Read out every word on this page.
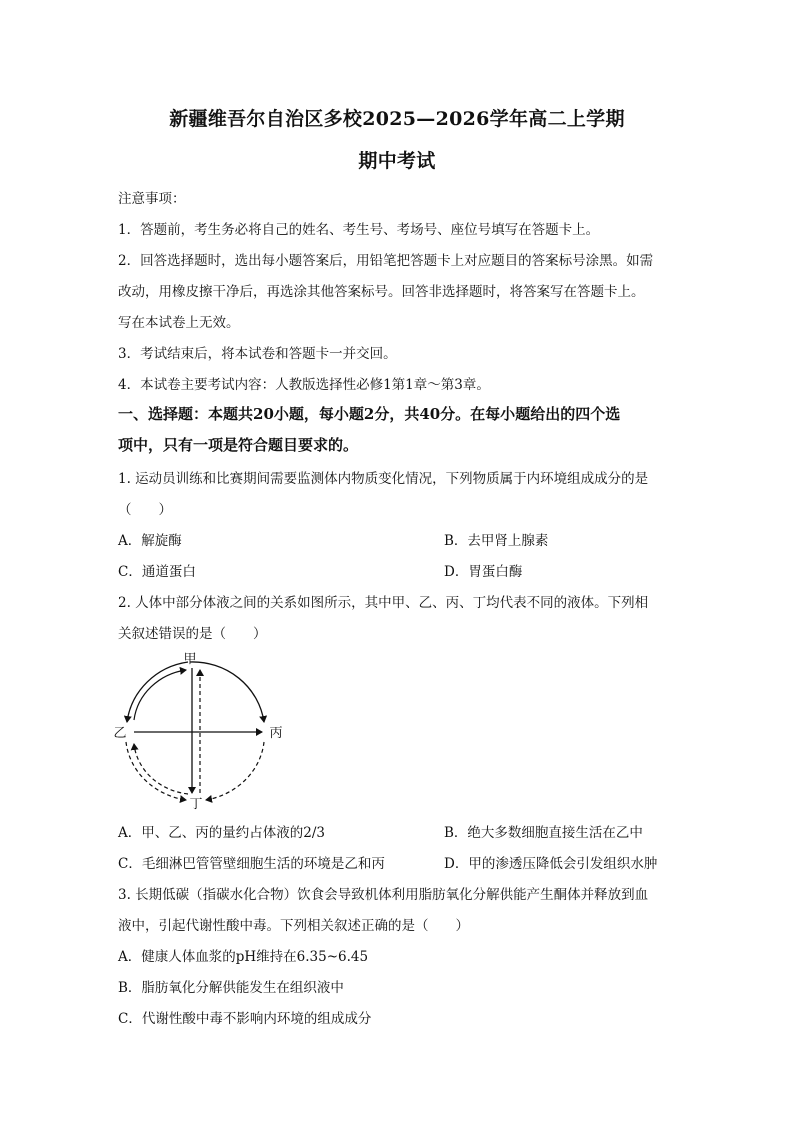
新疆维吾尔自治区多校2025—2026学年高二上学期
期中考试
注意事项：
1．答题前，考生务必将自己的姓名、考生号、考场号、座位号填写在答题卡上。
2．回答选择题时，选出每小题答案后，用铅笔把答题卡上对应题目的答案标号涂黑。如需
改动，用橡皮擦干净后，再选涂其他答案标号。回答非选择题时，将答案写在答题卡上。
写在本试卷上无效。
3．考试结束后，将本试卷和答题卡一并交回。
4．本试卷主要考试内容：人教版选择性必修1第1章～第3章。
一、选择题：本题共20小题，每小题2分，共40分。在每小题给出的四个选
项中，只有一项是符合题目要求的。
1. 运动员训练和比赛期间需要监测体内物质变化情况，下列物质属于内环境组成成分的是
（　　）
A．解旋酶	B．去甲肾上腺素
C．通道蛋白	D．胃蛋白酶
2. 人体中部分体液之间的关系如图所示，其中甲、乙、丙、丁均代表不同的液体。下列相
关叙述错误的是（　　）
甲
乙	丙
丁
A．甲、乙、丙的量约占体液的2/3	B．绝大多数细胞直接生活在乙中
C．毛细淋巴管管壁细胞生活的环境是乙和丙	D．甲的渗透压降低会引发组织水肿
3. 长期低碳（指碳水化合物）饮食会导致机体利用脂肪氧化分解供能产生酮体并释放到血
液中，引起代谢性酸中毒。下列相关叙述正确的是（　　）
A．健康人体血浆的pH维持在6.35~6.45
B．脂肪氧化分解供能发生在组织液中
C．代谢性酸中毒不影响内环境的组成成分
